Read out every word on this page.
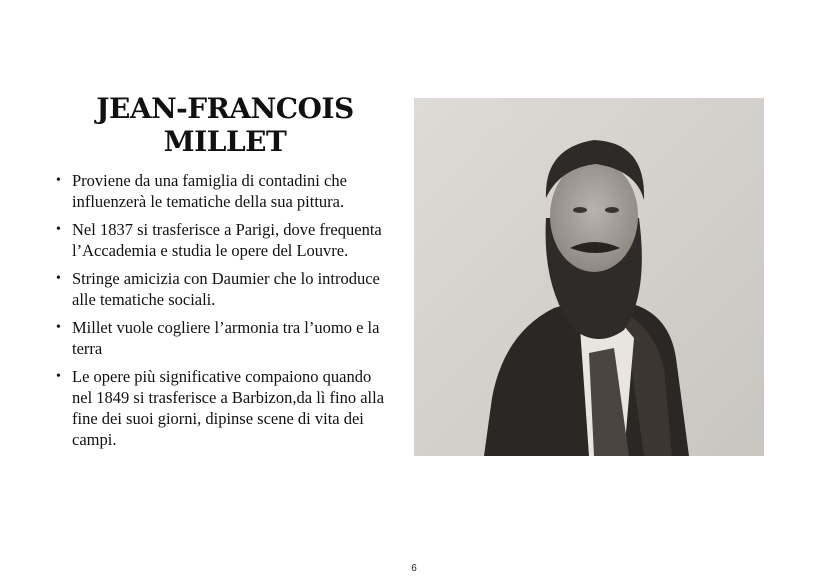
JEAN-FRANCOIS
MILLET
• Proviene da una famiglia di contadini che influenzerà le tematiche della sua pittura.
• Nel 1837 si trasferisce a Parigi, dove frequenta l’Accademia e studia le opere del Louvre.
• Stringe amicizia con Daumier che lo introduce alle tematiche sociali.
• Millet vuole cogliere l’armonia tra l’uomo e la terra
• Le opere più significative compaiono quando nel 1849 si trasferisce a Barbizon,da lì fino alla fine dei suoi giorni, dipinse scene di vita dei campi.
6
